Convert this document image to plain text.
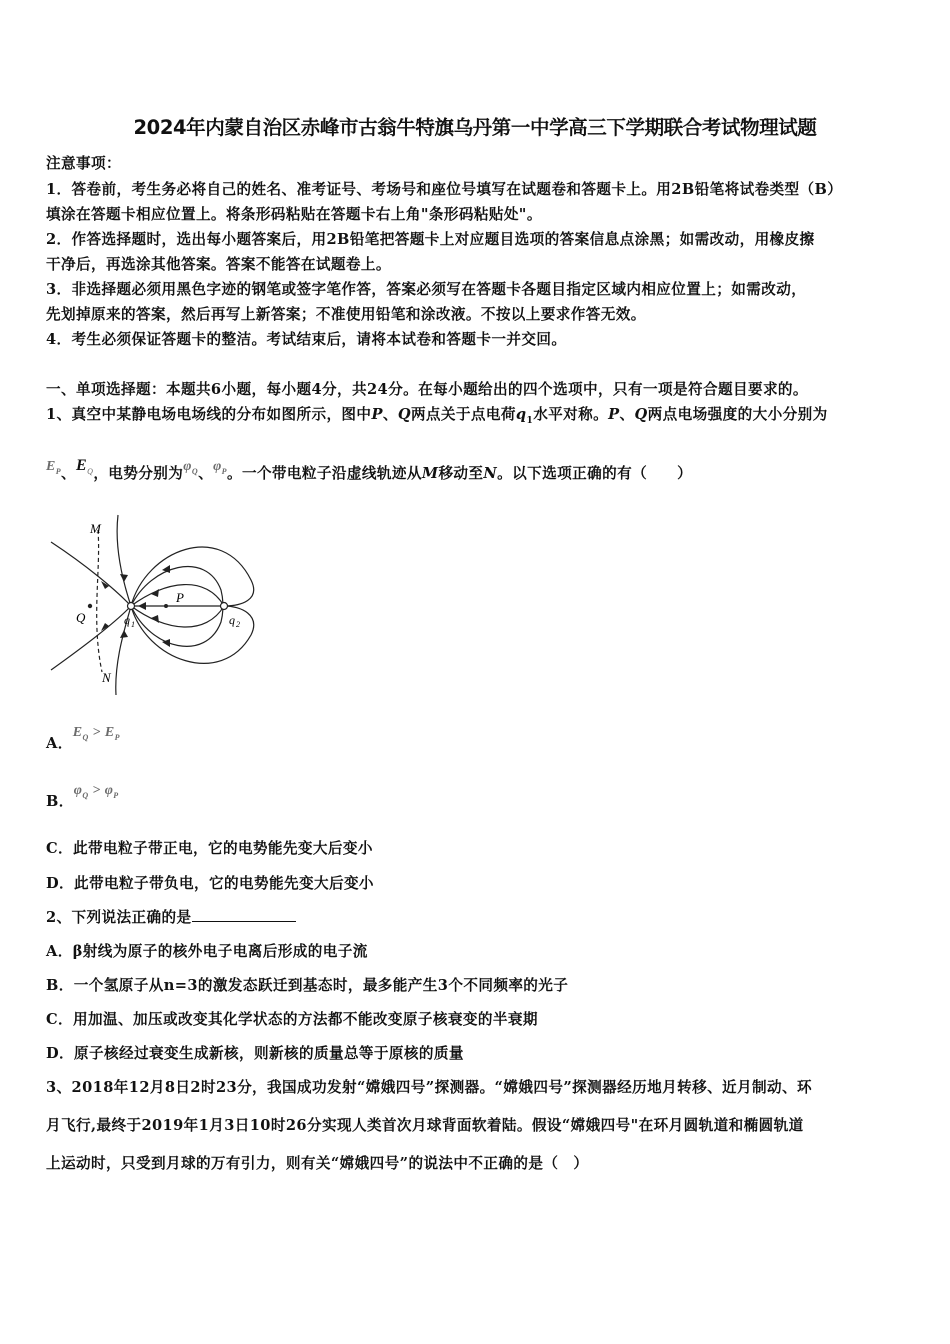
2024年内蒙自治区赤峰市古翁牛特旗乌丹第一中学高三下学期联合考试物理试题
注意事项：
1．答卷前，考生务必将自己的姓名、准考证号、考场号和座位号填写在试题卷和答题卡上。用2B铅笔将试卷类型（B）
填涂在答题卡相应位置上。将条形码粘贴在答题卡右上角"条形码粘贴处"。
2．作答选择题时，选出每小题答案后，用2B铅笔把答题卡上对应题目选项的答案信息点涂黑；如需改动，用橡皮擦
干净后，再选涂其他答案。答案不能答在试题卷上。
3．非选择题必须用黑色字迹的钢笔或签字笔作答，答案必须写在答题卡各题目指定区域内相应位置上；如需改动，
先划掉原来的答案，然后再写上新答案；不准使用铅笔和涂改液。不按以上要求作答无效。
4．考生必须保证答题卡的整洁。考试结束后，请将本试卷和答题卡一并交回。
一、单项选择题：本题共6小题，每小题4分，共24分。在每小题给出的四个选项中，只有一项是符合题目要求的。
1、真空中某静电场电场线的分布如图所示，图中P、Q两点关于点电荷$q_1$水平对称。P、Q两点电场强度的大小分别为
$E_P$、$E_Q$，电势分别为$\varphi_Q$、$\varphi_P$。一个带电粒子沿虚线轨迹从M移动至N。以下选项正确的有（　　）
M
Q
P
q 1	q 2
N
A．$E_Q > E_P$
B．$\varphi_Q > \varphi_P$
C．此带电粒子带正电，它的电势能先变大后变小
D．此带电粒子带负电，它的电势能先变大后变小
2、下列说法正确的是
A．β射线为原子的核外电子电离后形成的电子流
B．一个氢原子从n=3的激发态跃迁到基态时，最多能产生3个不同频率的光子
C．用加温、加压或改变其化学状态的方法都不能改变原子核衰变的半衰期
D．原子核经过衰变生成新核，则新核的质量总等于原核的质量
3、2018年12月8日2时23分，我国成功发射“嫦娥四号”探测器。“嫦娥四号”探测器经历地月转移、近月制动、环
月飞行,最终于2019年1月3日10时26分实现人类首次月球背面软着陆。假设“嫦娥四号"在环月圆轨道和椭圆轨道
上运动时，只受到月球的万有引力，则有关“嫦娥四号”的说法中不正确的是（　）
